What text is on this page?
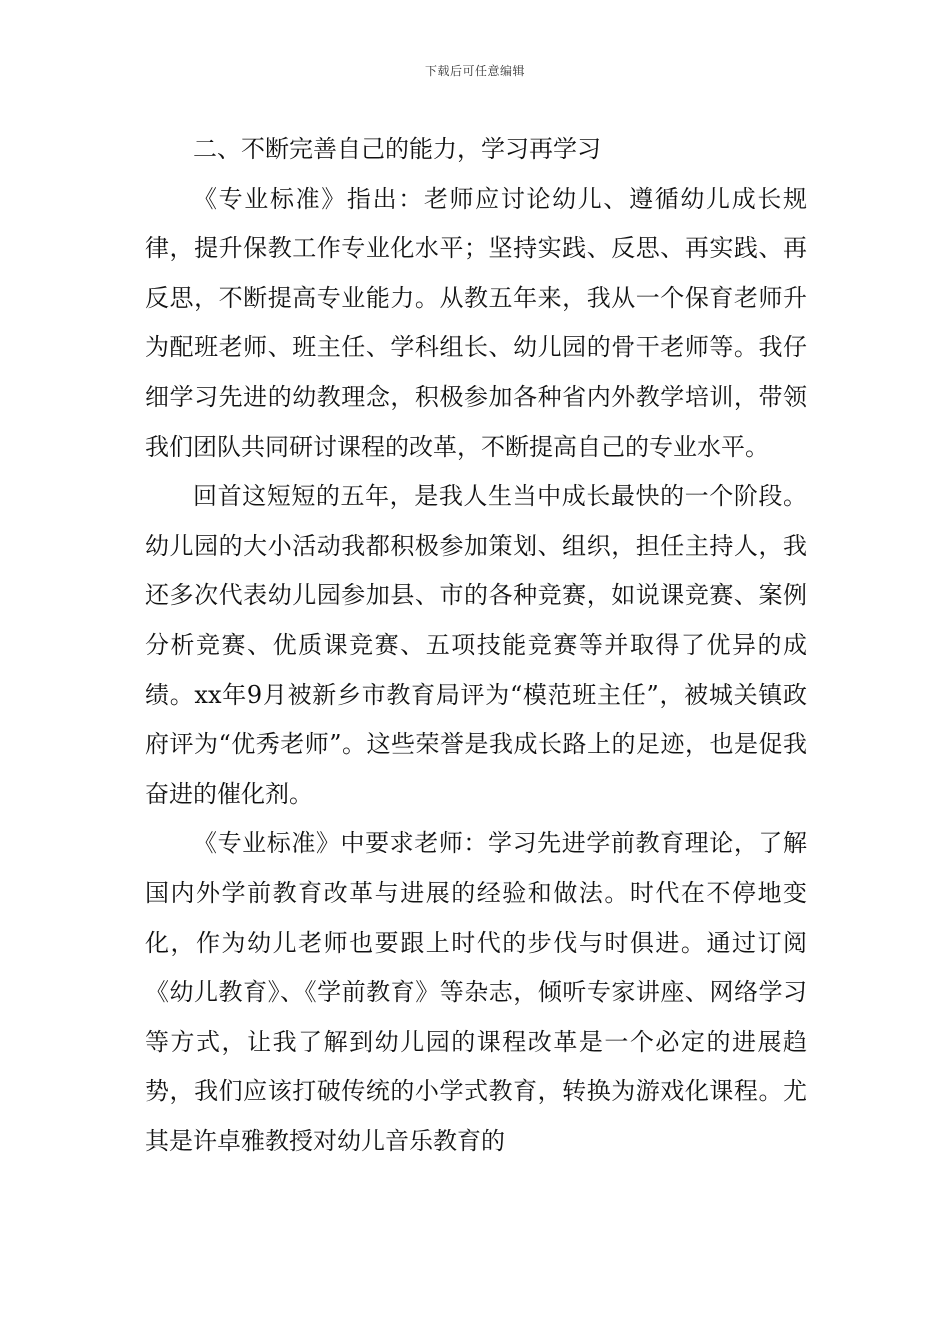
下载后可任意编辑

二、不断完善自己的能力，学习再学习

《专业标准》指出：老师应讨论幼儿、遵循幼儿成长规律，提升保教工作专业化水平；坚持实践、反思、再实践、再反思，不断提高专业能力。从教五年来，我从一个保育老师升为配班老师、班主任、学科组长、幼儿园的骨干老师等。我仔细学习先进的幼教理念，积极参加各种省内外教学培训，带领我们团队共同研讨课程的改革，不断提高自己的专业水平。

回首这短短的五年，是我人生当中成长最快的一个阶段。幼儿园的大小活动我都积极参加策划、组织，担任主持人，我还多次代表幼儿园参加县、市的各种竞赛，如说课竞赛、案例分析竞赛、优质课竞赛、五项技能竞赛等并取得了优异的成绩。xx年9月被新乡市教育局评为“模范班主任”，被城关镇政府评为“优秀老师”。这些荣誉是我成长路上的足迹，也是促我奋进的催化剂。

《专业标准》中要求老师：学习先进学前教育理论，了解国内外学前教育改革与进展的经验和做法。时代在不停地变化，作为幼儿老师也要跟上时代的步伐与时俱进。通过订阅《幼儿教育》、《学前教育》等杂志，倾听专家讲座、网络学习等方式，让我了解到幼儿园的课程改革是一个必定的进展趋势，我们应该打破传统的小学式教育，转换为游戏化课程。尤其是许卓雅教授对幼儿音乐教育的
